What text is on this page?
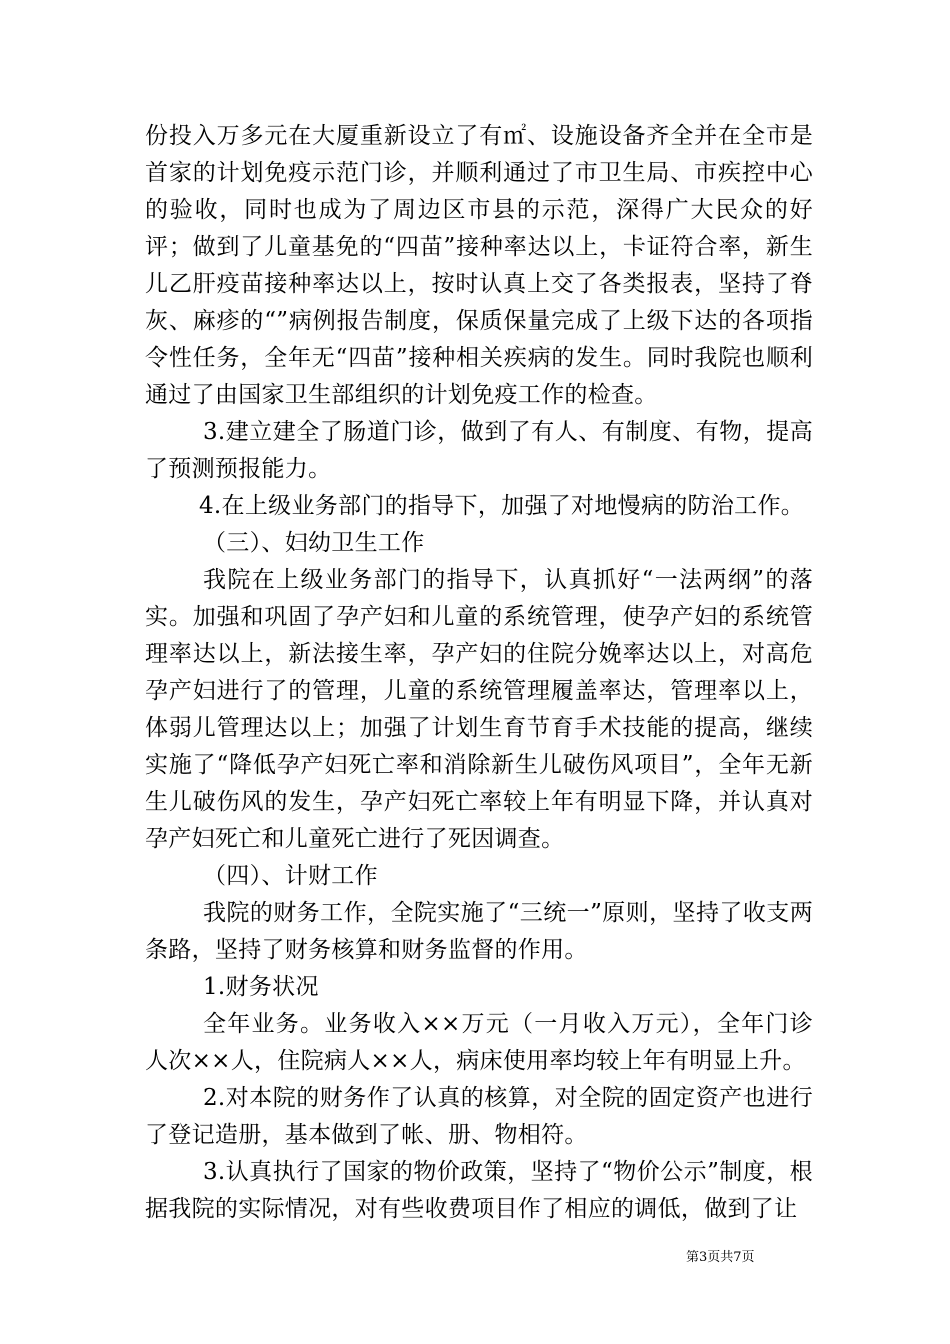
份投入万多元在大厦重新设立了有㎡、设施设备齐全并在全市是首家的计划免疫示范门诊，并顺利通过了市卫生局、市疾控中心的验收，同时也成为了周边区市县的示范，深得广大民众的好评；做到了儿童基免的“四苗”接种率达以上，卡证符合率，新生儿乙肝疫苗接种率达以上，按时认真上交了各类报表，坚持了脊灰、麻疹的“”病例报告制度，保质保量完成了上级下达的各项指令性任务，全年无“四苗”接种相关疾病的发生。同时我院也顺利通过了由国家卫生部组织的计划免疫工作的检查。

3.建立建全了肠道门诊，做到了有人、有制度、有物，提高了预测预报能力。

4.在上级业务部门的指导下，加强了对地慢病的防治工作。

（三）、妇幼卫生工作

我院在上级业务部门的指导下，认真抓好“一法两纲”的落实。加强和巩固了孕产妇和儿童的系统管理，使孕产妇的系统管理率达以上，新法接生率，孕产妇的住院分娩率达以上，对高危孕产妇进行了的管理，儿童的系统管理履盖率达，管理率以上，体弱儿管理达以上；加强了计划生育节育手术技能的提高，继续实施了“降低孕产妇死亡率和消除新生儿破伤风项目”，全年无新生儿破伤风的发生，孕产妇死亡率较上年有明显下降，并认真对孕产妇死亡和儿童死亡进行了死因调查。

（四）、计财工作

我院的财务工作，全院实施了“三统一”原则，坚持了收支两条路，坚持了财务核算和财务监督的作用。

1.财务状况

全年业务。业务收入××万元（一月收入万元），全年门诊人次××人，住院病人××人，病床使用率均较上年有明显上升。

2.对本院的财务作了认真的核算，对全院的固定资产也进行了登记造册，基本做到了帐、册、物相符。

3.认真执行了国家的物价政策，坚持了“物价公示”制度，根据我院的实际情况，对有些收费项目作了相应的调低，做到了让

第3页共7页
